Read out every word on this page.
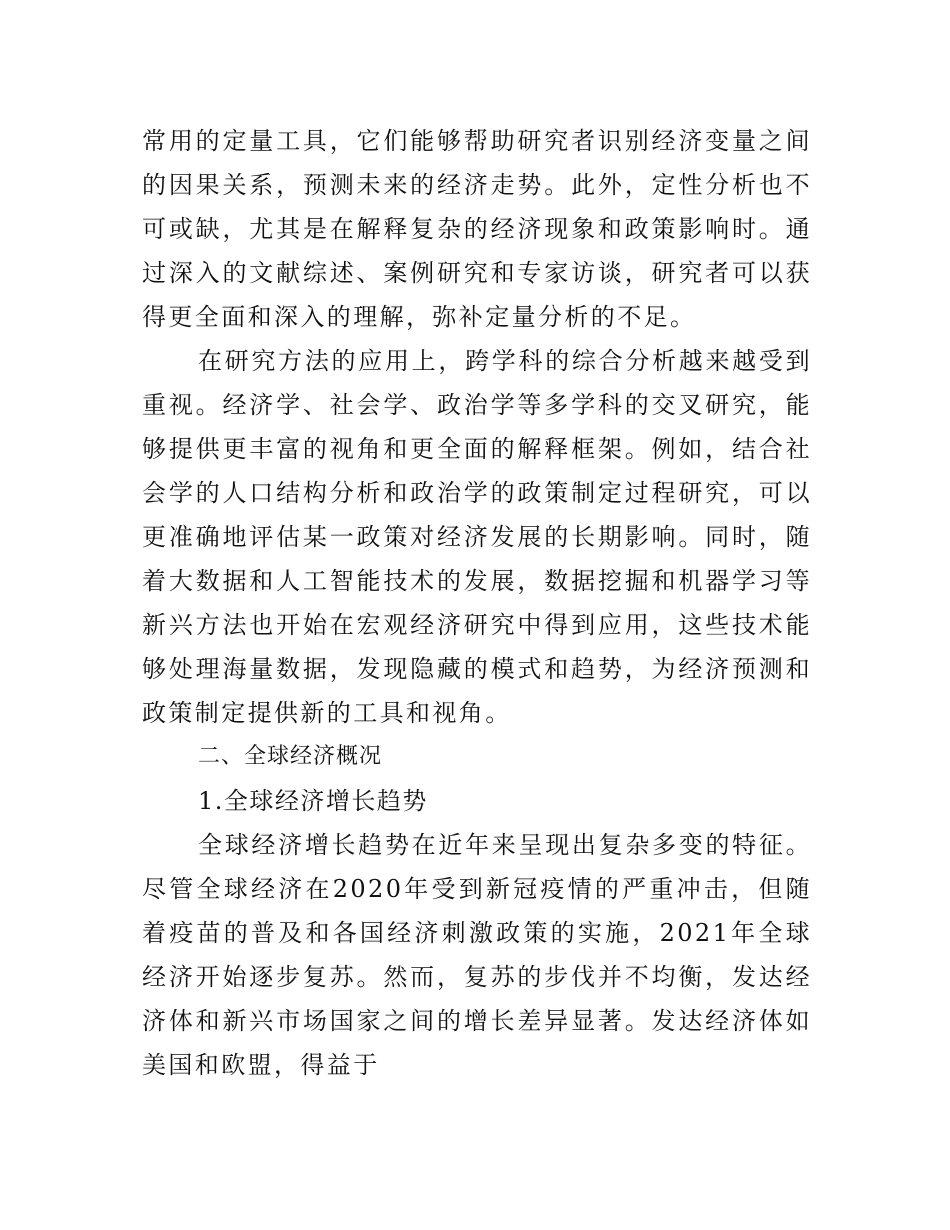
常用的定量工具，它们能够帮助研究者识别经济变量之间的因果关系，预测未来的经济走势。此外，定性分析也不可或缺，尤其是在解释复杂的经济现象和政策影响时。通过深入的文献综述、案例研究和专家访谈，研究者可以获得更全面和深入的理解，弥补定量分析的不足。

在研究方法的应用上，跨学科的综合分析越来越受到重视。经济学、社会学、政治学等多学科的交叉研究，能够提供更丰富的视角和更全面的解释框架。例如，结合社会学的人口结构分析和政治学的政策制定过程研究，可以更准确地评估某一政策对经济发展的长期影响。同时，随着大数据和人工智能技术的发展，数据挖掘和机器学习等新兴方法也开始在宏观经济研究中得到应用，这些技术能够处理海量数据，发现隐藏的模式和趋势，为经济预测和政策制定提供新的工具和视角。

二、全球经济概况

1.全球经济增长趋势

全球经济增长趋势在近年来呈现出复杂多变的特征。尽管全球经济在2020年受到新冠疫情的严重冲击，但随着疫苗的普及和各国经济刺激政策的实施，2021年全球经济开始逐步复苏。然而，复苏的步伐并不均衡，发达经济体和新兴市场国家之间的增长差异显著。发达经济体如美国和欧盟，得益于
